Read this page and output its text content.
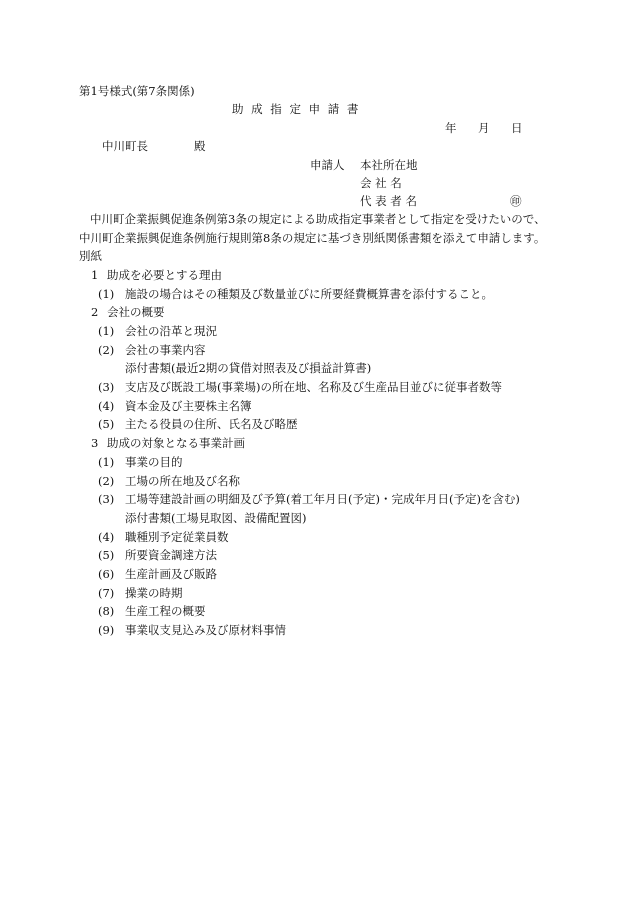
第1号様式(第7条関係)
助 成 指 定 申 請 書
年 月 日
中川町長	殿
申請人 本社所在地
会 社 名
代 表 者 名	㊞
中川町企業振興促進条例第3条の規定による助成指定事業者として指定を受けたいので、
中川町企業振興促進条例施行規則第8条の規定に基づき別紙関係書類を添えて申請します。
別紙
1 助成を必要とする理由
(1) 施設の場合はその種類及び数量並びに所要経費概算書を添付すること。
2 会社の概要
(1) 会社の沿革と現況
(2) 会社の事業内容
添付書類(最近2期の貸借対照表及び損益計算書)
(3) 支店及び既設工場(事業場)の所在地、名称及び生産品目並びに従事者数等
(4) 資本金及び主要株主名簿
(5) 主たる役員の住所、氏名及び略歴
3 助成の対象となる事業計画
(1) 事業の目的
(2) 工場の所在地及び名称
(3) 工場等建設計画の明細及び予算(着工年月日(予定)・完成年月日(予定)を含む)
添付書類(工場見取図、設備配置図)
(4) 職種別予定従業員数
(5) 所要資金調達方法
(6) 生産計画及び販路
(7) 操業の時期
(8) 生産工程の概要
(9) 事業収支見込み及び原材料事情
